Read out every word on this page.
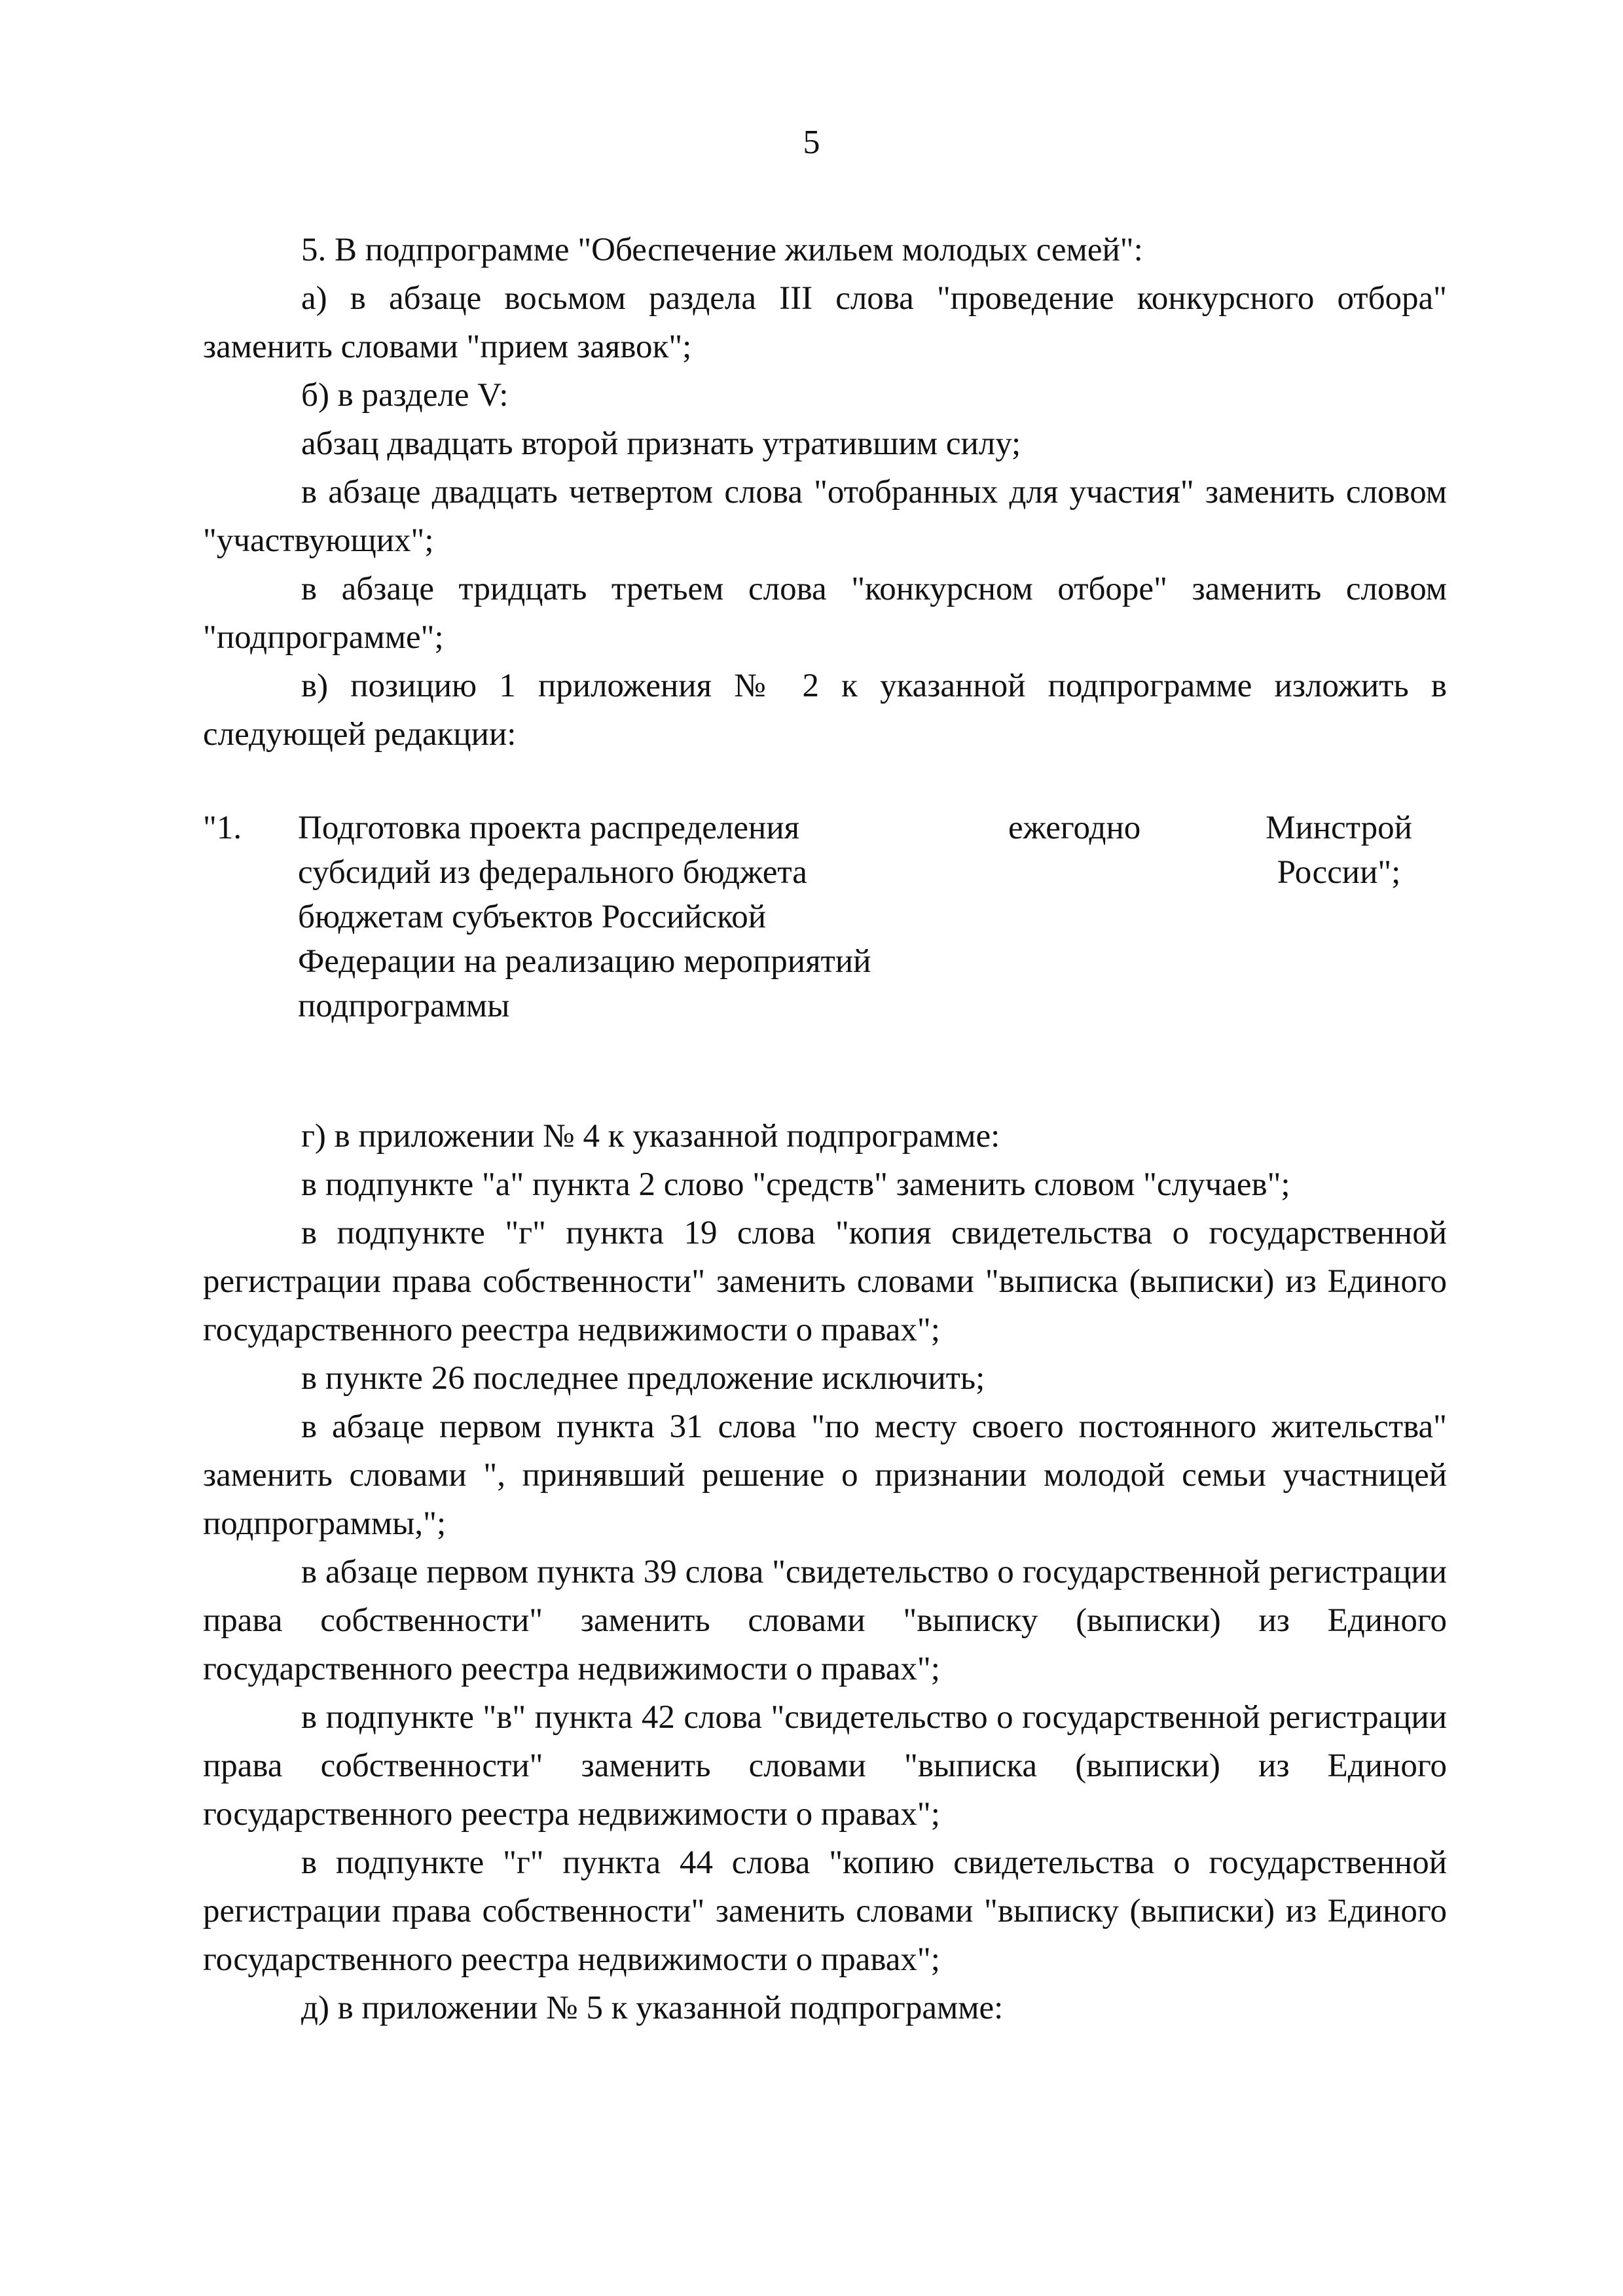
5

5. В подпрограмме "Обеспечение жильем молодых семей":

а) в абзаце восьмом раздела III слова "проведение конкурсного отбора" заменить словами "прием заявок";

б) в разделе V:

абзац двадцать второй признать утратившим силу;

в абзаце двадцать четвертом слова "отобранных для участия" заменить словом "участвующих";

в абзаце тридцать третьем слова "конкурсном отборе" заменить словом "подпрограмме";

в) позицию 1 приложения № 2 к указанной подпрограмме изложить в следующей редакции:

"1. Подготовка проекта распределения
субсидий из федерального бюджета
бюджетам субъектов Российской
Федерации на реализацию мероприятий
подпрограммы
ежегодно	Минстрой
России";

г) в приложении № 4 к указанной подпрограмме:

в подпункте "а" пункта 2 слово "средств" заменить словом "случаев";

в подпункте "г" пункта 19 слова "копия свидетельства о государственной регистрации права собственности" заменить словами "выписка (выписки) из Единого государственного реестра недвижимости о правах";

в пункте 26 последнее предложение исключить;

в абзаце первом пункта 31 слова "по месту своего постоянного жительства" заменить словами ", принявший решение о признании молодой семьи участницей подпрограммы,";

в абзаце первом пункта 39 слова "свидетельство о государственной регистрации права собственности" заменить словами "выписку (выписки) из Единого государственного реестра недвижимости о правах";

в подпункте "в" пункта 42 слова "свидетельство о государственной регистрации права собственности" заменить словами "выписка (выписки) из Единого государственного реестра недвижимости о правах";

в подпункте "г" пункта 44 слова "копию свидетельства о государственной регистрации права собственности" заменить словами "выписку (выписки) из Единого государственного реестра недвижимости о правах";

д) в приложении № 5 к указанной подпрограмме:
